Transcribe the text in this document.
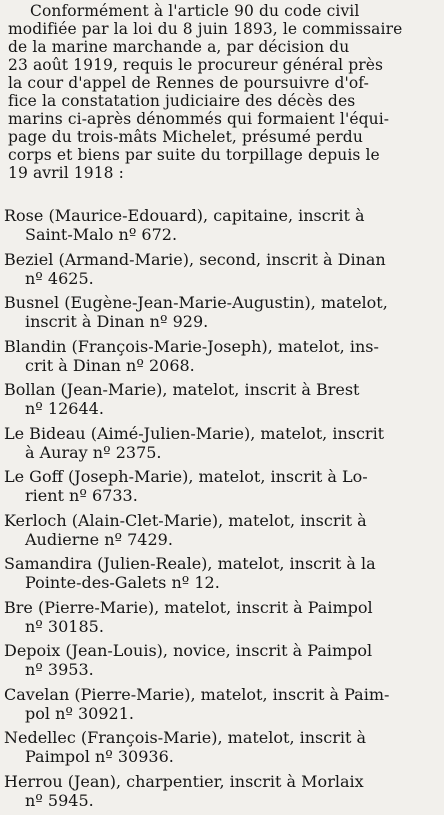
Conformément à l'article 90 du code civil
modifiée par la loi du 8 juin 1893, le commissaire
de la marine marchande a, par décision du
23 août 1919, requis le procureur général près
la cour d'appel de Rennes de poursuivre d'of-
fice la constatation judiciaire des décès des
marins ci-après dénommés qui formaient l'équi-
page du trois-mâts Michelet, présumé perdu
corps et biens par suite du torpillage depuis le
19 avril 1918 :
Rose (Maurice-Edouard), capitaine, inscrit à
Saint-Malo nº 672.
Beziel (Armand-Marie), second, inscrit à Dinan
nº 4625.
Busnel (Eugène-Jean-Marie-Augustin), matelot,
inscrit à Dinan nº 929.
Blandin (François-Marie-Joseph), matelot, ins-
crit à Dinan nº 2068.
Bollan (Jean-Marie), matelot, inscrit à Brest
nº 12644.
Le Bideau (Aimé-Julien-Marie), matelot, inscrit
à Auray nº 2375.
Le Goff (Joseph-Marie), matelot, inscrit à Lo-
rient nº 6733.
Kerloch (Alain-Clet-Marie), matelot, inscrit à
Audierne nº 7429.
Samandira (Julien-Reale), matelot, inscrit à la
Pointe-des-Galets nº 12.
Bre (Pierre-Marie), matelot, inscrit à Paimpol
nº 30185.
Depoix (Jean-Louis), novice, inscrit à Paimpol
nº 3953.
Cavelan (Pierre-Marie), matelot, inscrit à Paim-
pol nº 30921.
Nedellec (François-Marie), matelot, inscrit à
Paimpol nº 30936.
Herrou (Jean), charpentier, inscrit à Morlaix
nº 5945.
